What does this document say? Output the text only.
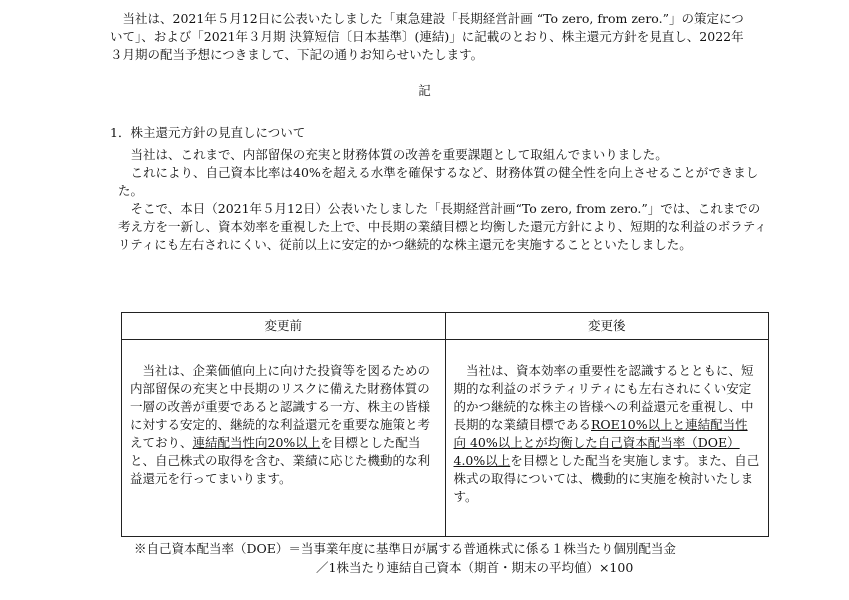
当社は、2021年５月12日に公表いたしました「東急建設「長期経営計画 “To zero, from zero.”」の策定について」、および「2021年３月期 決算短信〔日本基準〕(連結)」に記載のとおり、株主還元方針を見直し、2022年３月期の配当予想につきまして、下記の通りお知らせいたします。
記
1．株主還元方針の見直しについて

当社は、これまで、内部留保の充実と財務体質の改善を重要課題として取組んでまいりました。

これにより、自己資本比率は40%を超える水準を確保するなど、財務体質の健全性を向上させることができました。

そこで、本日（2021年５月12日）公表いたしました「長期経営計画“To zero, from zero.”」では、これまでの考え方を一新し、資本効率を重視した上で、中長期の業績目標と均衡した還元方針により、短期的な利益のボラティリティにも左右されにくい、従前以上に安定的かつ継続的な株主還元を実施することといたしました。

変更前	変更後

当社は、企業価値向上に向けた投資等を図るための内部留保の充実と中長期のリスクに備えた財務体質の一層の改善が重要であると認識する一方、株主の皆様に対する安定的、継続的な利益還元を重要な施策と考えており、連結配当性向20%以上を目標とした配当と、自己株式の取得を含む、業績に応じた機動的な利益還元を行ってまいります。	当社は、資本効率の重要性を認識するとともに、短期的な利益のボラティリティにも左右されにくい安定的かつ継続的な株主の皆様への利益還元を重視し、中長期的な業績目標であるROE10%以上と連結配当性向 40%以上とが均衡した自己資本配当率（DOE）4.0%以上を目標とした配当を実施します。また、自己株式の取得については、機動的に実施を検討いたします。
※自己資本配当率（DOE）＝当事業年度に基準日が属する普通株式に係る１株当たり個別配当金
／1株当たり連結自己資本（期首・期末の平均値）×100
